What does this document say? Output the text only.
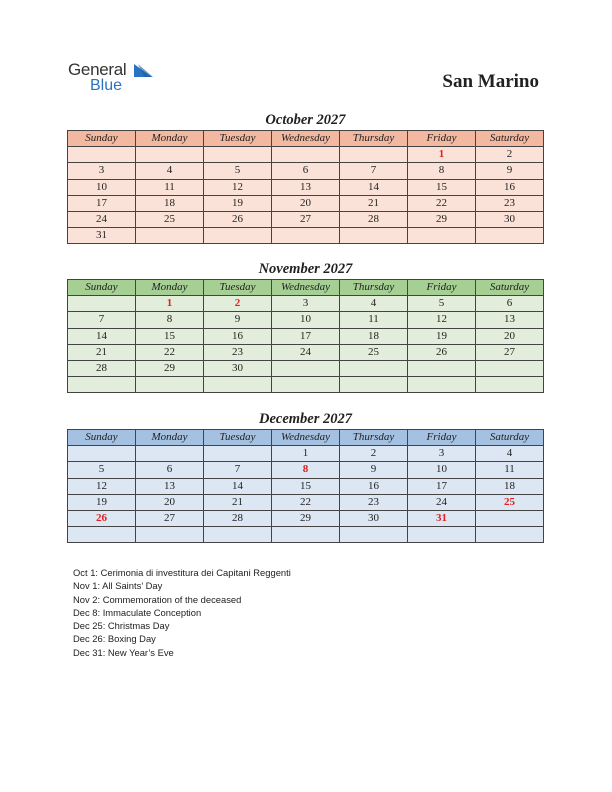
General
Blue	San Marino
October 2027
Sunday	Monday	Tuesday	Wednesday	Thursday	Friday	Saturday
					1	2
3	4	5	6	7	8	9
10	11	12	13	14	15	16
17	18	19	20	21	22	23
24	25	26	27	28	29	30
31						
November 2027
Sunday	Monday	Tuesday	Wednesday	Thursday	Friday	Saturday
	1	2	3	4	5	6
7	8	9	10	11	12	13
14	15	16	17	18	19	20
21	22	23	24	25	26	27
28	29	30				

December 2027
Sunday	Monday	Tuesday	Wednesday	Thursday	Friday	Saturday
			1	2	3	4
5	6	7	8	9	10	11
12	13	14	15	16	17	18
19	20	21	22	23	24	25
26	27	28	29	30	31	

Oct 1: Cerimonia di investitura dei Capitani Reggenti
Nov 1: All Saints’ Day
Nov 2: Commemoration of the deceased
Dec 8: Immaculate Conception
Dec 25: Christmas Day
Dec 26: Boxing Day
Dec 31: New Year’s Eve
